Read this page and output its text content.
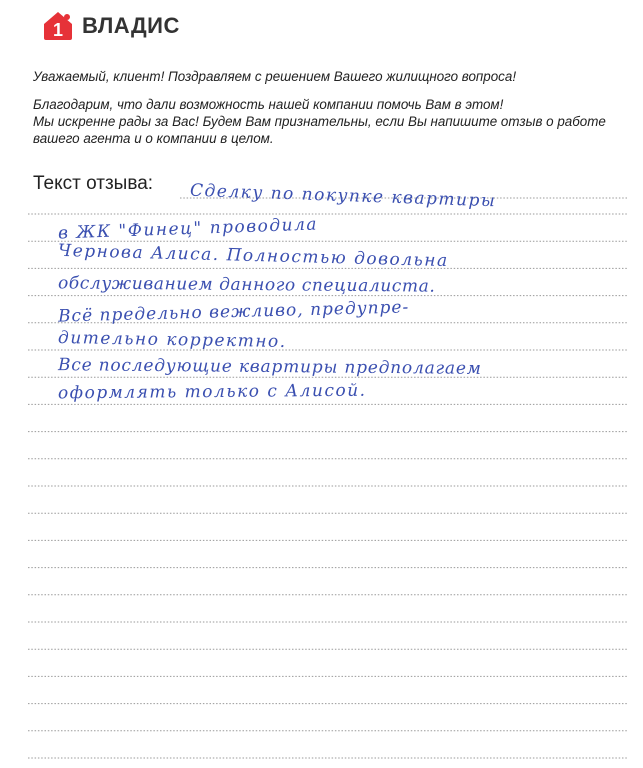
1 ВЛАДИС

Уважаемый, клиент! Поздравляем с решением Вашего жилищного вопроса!

Благодарим, что дали возможность нашей компании помочь Вам в этом!

Мы искренне рады за Вас! Будем Вам признательны, если Вы напишите отзыв о работе

вашего агента и о компании в целом.

Текст отзыва: Сделку по покупке квартиры
в ЖК "Финец" проводила
Чернова Алиса. Полностью довольна
обслуживанием данного специалиста.
Всё предельно вежливо, предупре-
дительно корректно.
Все последующие квартиры предполагаем
оформлять только с Алисой.
